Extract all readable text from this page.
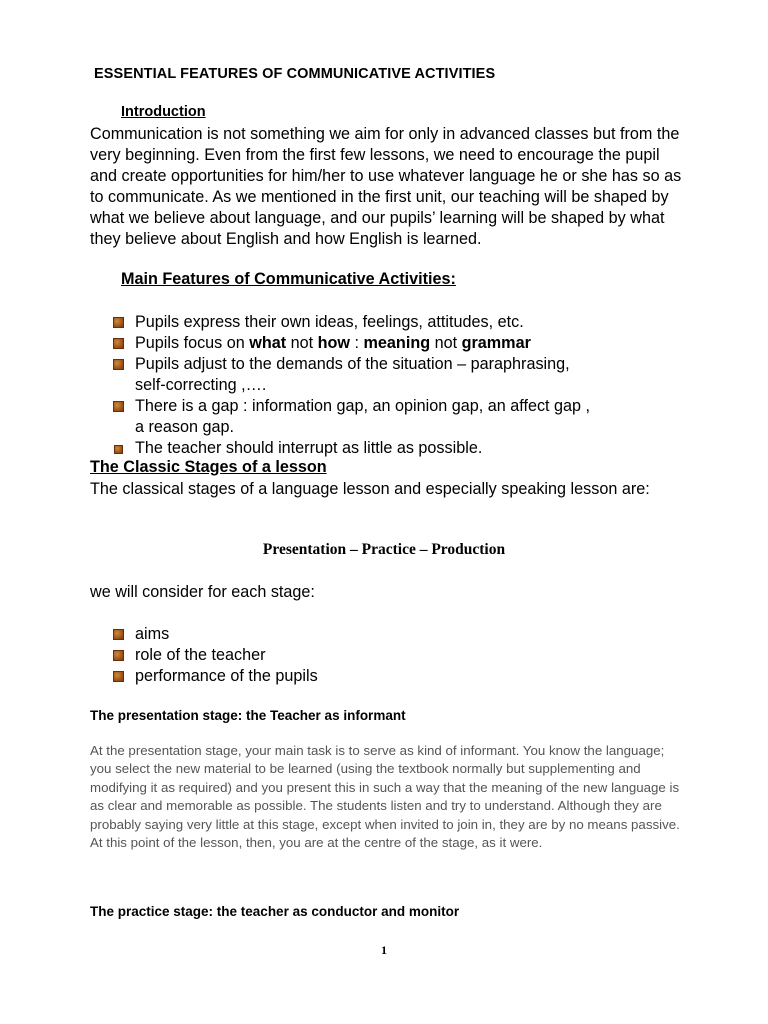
ESSENTIAL FEATURES OF COMMUNICATIVE ACTIVITIES
Introduction
Communication is not something we aim for only in advanced classes but from the very beginning. Even from the first few lessons, we need to encourage the pupil and create opportunities for him/her to use whatever language he or she has so as to communicate. As we mentioned in the first unit, our teaching will be shaped by what we believe about language, and our pupils’ learning will be shaped by what they believe about English and how English is learned.
Main Features of Communicative Activities:
Pupils express their own ideas, feelings, attitudes, etc.
Pupils focus on what not how : meaning not grammar
Pupils adjust to the demands of the situation – paraphrasing,
self-correcting ,….
There is a gap : information gap, an opinion gap, an affect gap ,
a reason gap.
The teacher should interrupt as little as possible.
The Classic Stages of a lesson
The classical stages of a language lesson and especially speaking lesson are:
Presentation – Practice – Production
we will consider for each stage:
aims
role of the teacher
performance of the pupils
The presentation stage: the Teacher as informant
At the presentation stage, your main task is to serve as kind of informant. You know the language; you select the new material to be learned (using the textbook normally but supplementing and modifying it as required) and you present this in such a way that the meaning of the new language is as clear and memorable as possible. The students listen and try to understand. Although they are probably saying very little at this stage, except when invited to join in, they are by no means passive. At this point of the lesson, then, you are at the centre of the stage, as it were.
The practice stage: the teacher as conductor and monitor
1
